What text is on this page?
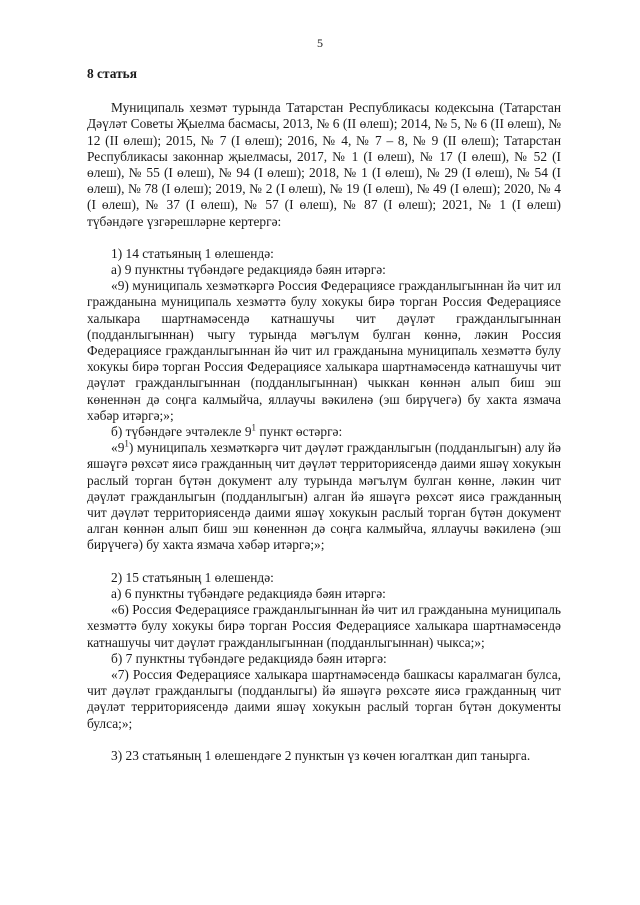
5

8 статья

Муниципаль хезмәт турында Татарстан Республикасы кодексына (Татарстан Дәүләт Советы Җыелма басмасы, 2013, № 6 (II өлеш); 2014, № 5, № 6 (II өлеш), № 12 (II өлеш); 2015, № 7 (I өлеш); 2016, № 4, № 7 – 8, № 9 (II өлеш); Татарстан Республикасы законнар җыелмасы, 2017, № 1 (I өлеш), № 17 (I өлеш), № 52 (I өлеш), № 55 (I өлеш), № 94 (I өлеш); 2018, № 1 (I өлеш), № 29 (I өлеш), № 54 (I өлеш), № 78 (I өлеш); 2019, № 2 (I өлеш), № 19 (I өлеш), № 49 (I өлеш); 2020, № 4 (I өлеш), № 37 (I өлеш), № 57 (I өлеш), № 87 (I өлеш); 2021, № 1 (I өлеш) түбәндәге үзгәрешләрне кертергә:

1) 14 статьяның 1 өлешендә:

а) 9 пунктны түбәндәге редакциядә бәян итәргә:

«9) муниципаль хезмәткәргә Россия Федерациясе гражданлыгыннан йә чит ил гражданына муниципаль хезмәттә булу хокукы бирә торган Россия Федерациясе халыкара шартнамәсендә катнашучы чит дәүләт гражданлыгыннан (подданлыгыннан) чыгу турында мәгълүм булган көннә, ләкин Россия Федерациясе гражданлыгыннан йә чит ил гражданына муниципаль хезмәттә булу хокукы бирә торган Россия Федерациясе халыкара шартнамәсендә катнашучы чит дәүләт гражданлыгыннан (подданлыгыннан) чыккан көннән алып биш эш көненнән дә соңга калмыйча, яллаучы вәкиленә (эш бирүчегә) бу хакта язмача хәбәр итәргә;»;

б) түбәндәге эчтәлекле $9^1$ пункт өстәргә:

«$9^1$) муниципаль хезмәткәргә чит дәүләт гражданлыгын (подданлыгын) алу йә яшәүгә рөхсәт яисә гражданның чит дәүләт территориясендә даими яшәү хокукын раслый торган бүтән документ алу турында мәгълүм булган көнне, ләкин чит дәүләт гражданлыгын (подданлыгын) алган йә яшәүгә рөхсәт яисә гражданның чит дәүләт территориясендә даими яшәү хокукын раслый торган бүтән документ алган көннән алып биш эш көненнән дә соңга калмыйча, яллаучы вәкиленә (эш бирүчегә) бу хакта язмача хәбәр итәргә;»;

2) 15 статьяның 1 өлешендә:

а) 6 пунктны түбәндәге редакциядә бәян итәргә:

«6) Россия Федерациясе гражданлыгыннан йә чит ил гражданына муниципаль хезмәттә булу хокукы бирә торган Россия Федерациясе халыкара шартнамәсендә катнашучы чит дәүләт гражданлыгыннан (подданлыгыннан) чыкса;»;

б) 7 пунктны түбәндәге редакциядә бәян итәргә:

«7) Россия Федерациясе халыкара шартнамәсендә башкасы каралмаган булса, чит дәүләт гражданлыгы (подданлыгы) йә яшәүгә рөхсәте яисә гражданның чит дәүләт территориясендә даими яшәү хокукын раслый торган бүтән документы булса;»;

3) 23 статьяның 1 өлешендәге 2 пунктын үз көчен югалткан дип танырга.
